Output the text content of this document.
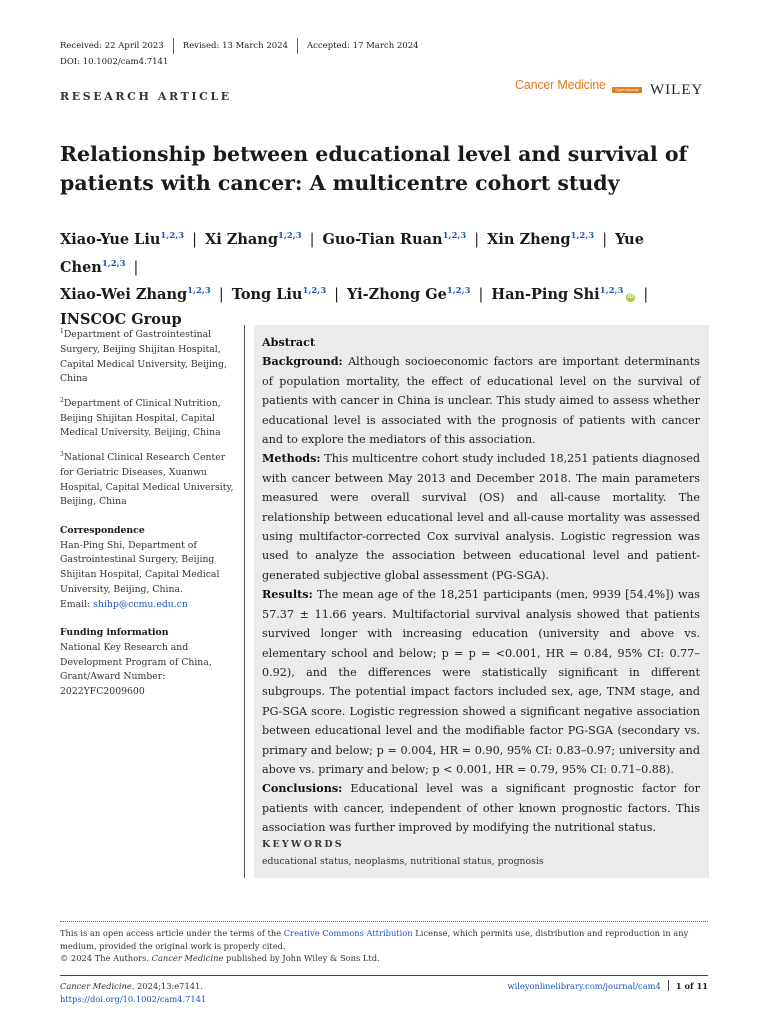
Received: 22 April 2023 Revised: 13 March 2024 Accepted: 17 March 2024
DOI: 10.1002/cam4.7141
RESEARCH ARTICLE
Cancer Medicine	Open Access WILEY
Relationship between educational level and survival of patients with cancer: A multicentre cohort study
Xiao-Yue Liu$^{1,2,3}$ | Xi Zhang$^{1,2,3}$ | Guo-Tian Ruan$^{1,2,3}$ | Xin Zheng$^{1,2,3}$ | Yue Chen$^{1,2,3}$ |
Xiao-Wei Zhang$^{1,2,3}$ | Tong Liu$^{1,2,3}$ | Yi-Zhong Ge$^{1,2,3}$ | Han-Ping Shi$^{1,2,3}$iD |
INSCOC Group

$^1$Department of Gastrointestinal Surgery, Beijing Shijitan Hospital, Capital Medical University, Beijing, China

$^2$Department of Clinical Nutrition, Beijing Shijitan Hospital, Capital Medical University, Beijing, China

$^3$National Clinical Research Center for Geriatric Diseases, Xuanwu Hospital, Capital Medical University, Beijing, China

Correspondence
Han-Ping Shi, Department of Gastrointestinal Surgery, Beijing Shijitan Hospital, Capital Medical University, Beijing, China.
Email: shihp@ccmu.edu.cn

Funding information
National Key Research and Development Program of China, Grant/Award Number: 2022YFC2009600

Abstract

Background: Although socioeconomic factors are important determinants of population mortality, the effect of educational level on the survival of patients with cancer in China is unclear. This study aimed to assess whether educational level is associated with the prognosis of patients with cancer and to explore the mediators of this association.

Methods: This multicentre cohort study included 18,251 patients diagnosed with cancer between May 2013 and December 2018. The main parameters measured were overall survival (OS) and all-cause mortality. The relationship between educational level and all-cause mortality was assessed using multifactor-corrected Cox survival analysis. Logistic regression was used to analyze the association between educational level and patient-generated subjective global assessment (PG-SGA).

Results: The mean age of the 18,251 participants (men, 9939 [54.4%]) was 57.37 ± 11.66 years. Multifactorial survival analysis showed that patients survived longer with increasing education (university and above vs. elementary school and below; p = p = <0.001, HR = 0.84, 95% CI: 0.77–0.92), and the differences were statistically significant in different subgroups. The potential impact factors included sex, age, TNM stage, and PG-SGA score. Logistic regression showed a significant negative association between educational level and the modifiable factor PG-SGA (secondary vs. primary and below; p = 0.004, HR = 0.90, 95% CI: 0.83–0.97; university and above vs. primary and below; p < 0.001, HR = 0.79, 95% CI: 0.71–0.88).

Conclusions: Educational level was a significant prognostic factor for patients with cancer, independent of other known prognostic factors. This association was further improved by modifying the nutritional status.

KEYWORDS
educational status, neoplasms, nutritional status, prognosis
This is an open access article under the terms of the Creative Commons Attribution License, which permits use, distribution and reproduction in any medium, provided the original work is properly cited.
© 2024 The Authors. Cancer Medicine published by John Wiley & Sons Ltd.
Cancer Medicine. 2024;13:e7141.
https://doi.org/10.1002/cam4.7141
wileyonlinelibrary.com/journal/cam4 1 of 11
